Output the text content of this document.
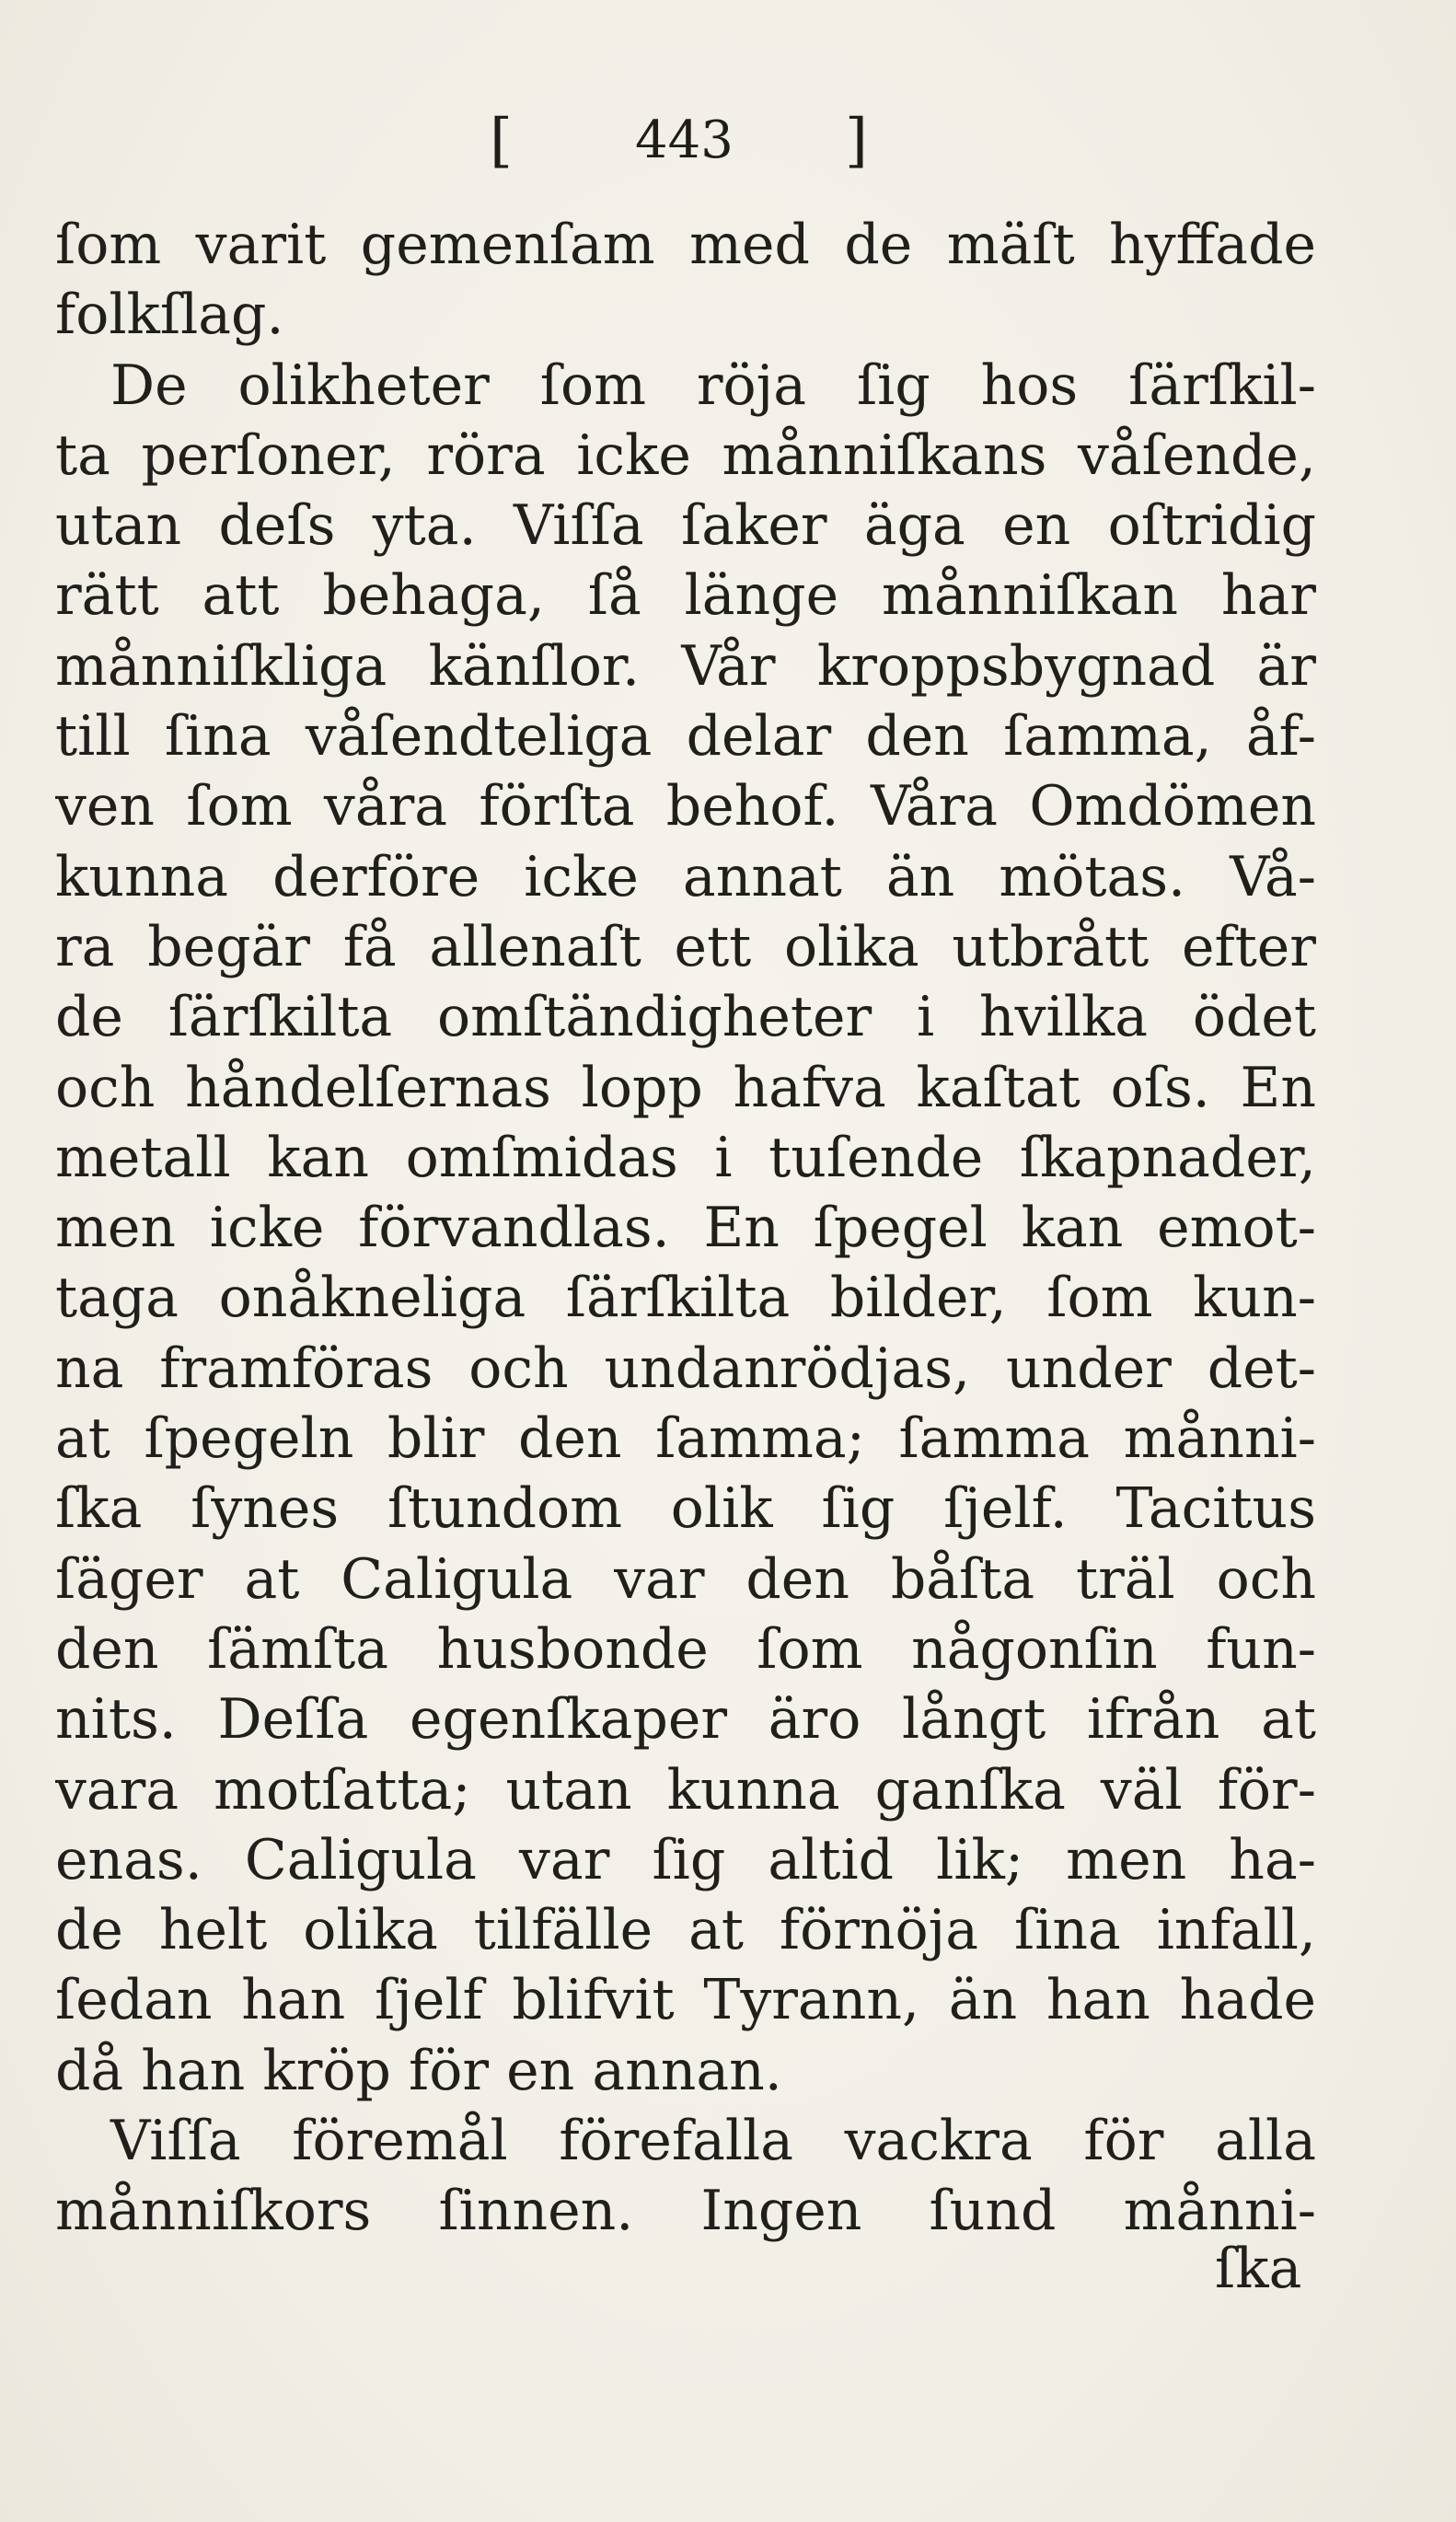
[ 443 ]
ſom varit gemenſam med de mäſt hyffade
folkſlag.
De olikheter ſom röja ſig hos ſärſkil-
ta perſoner, röra icke månniſkans våſende,
utan deſs yta. Viſſa ſaker äga en oſtridig
rätt att behaga, ſå länge månniſkan har
månniſkliga känſlor. Vår kroppsbygnad är
till ſina våſendteliga delar den ſamma, åf-
ven ſom våra förſta behof. Våra Omdömen
kunna derföre icke annat än mötas. Vå-
ra begär få allenaſt ett olika utbrått efter
de ſärſkilta omſtändigheter i hvilka ödet
och håndelſernas lopp hafva kaſtat oſs. En
metall kan omſmidas i tuſende ſkapnader,
men icke förvandlas. En ſpegel kan emot-
taga onåkneliga ſärſkilta bilder, ſom kun-
na framföras och undanrödjas, under det-
at ſpegeln blir den ſamma; ſamma månni-
ſka ſynes ſtundom olik ſig ſjelf. Tacitus
ſäger at Caligula var den båſta träl och
den ſämſta husbonde ſom någonſin fun-
nits. Deſſa egenſkaper äro långt ifrån at
vara motſatta; utan kunna ganſka väl för-
enas. Caligula var ſig altid lik; men ha-
de helt olika tilfälle at förnöja ſina infall,
ſedan han ſjelf blifvit Tyrann, än han hade
då han kröp för en annan.
Viſſa föremål förefalla vackra för alla
månniſkors ſinnen. Ingen ſund månni-
ſka
